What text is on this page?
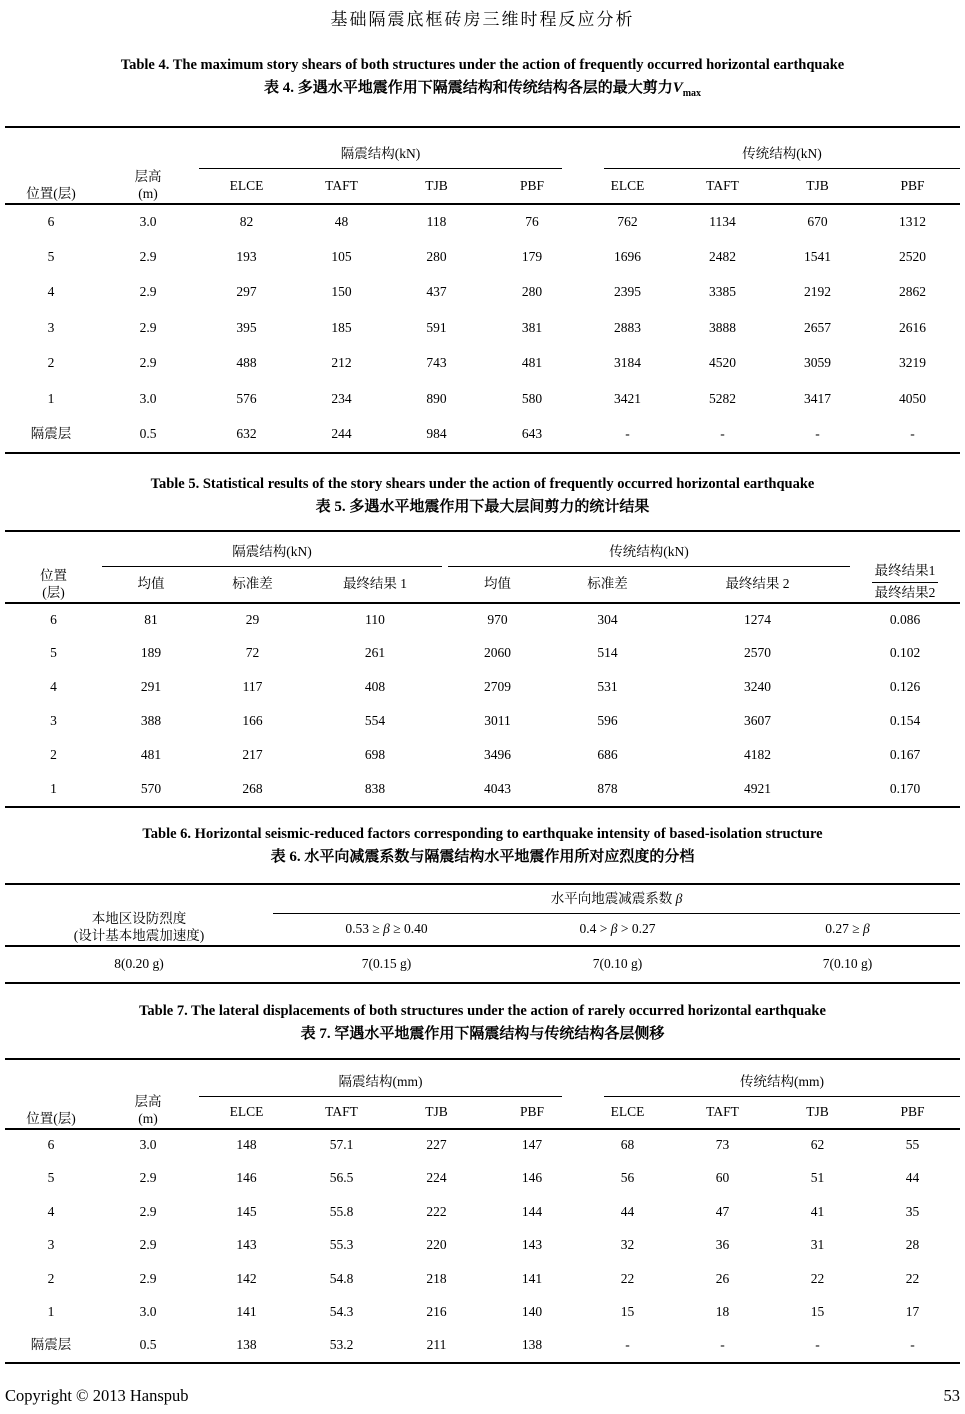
基础隔震底框砖房三维时程反应分析
Table 4. The maximum story shears of both structures under the action of frequently occurred horizontal earthquake
表 4. 多遇水平地震作用下隔震结构和传统结构各层的最大剪力$V_{max}$
位置(层)	层高
(m)	隔震结构(kN)				传统结构(kN)			

		ELCE	TAFT	TJB	PBF	ELCE	TAFT	TJB	PBF
6	3.0	82	48	118	76	762	1134	670	1312
5	2.9	193	105	280	179	1696	2482	1541	2520
4	2.9	297	150	437	280	2395	3385	2192	2862
3	2.9	395	185	591	381	2883	3888	2657	2616
2	2.9	488	212	743	481	3184	4520	3059	3219
1	3.0	576	234	890	580	3421	5282	3417	4050
隔震层	0.5	632	244	984	643	-	-	-	-
Table 5. Statistical results of the story shears under the action of frequently occurred horizontal earthquake
表 5. 多遇水平地震作用下最大层间剪力的统计结果
位置
(层)	隔震结构(kN)			传统结构(kN)			$\frac{\text{最终结果1}}{\text{最终结果2}}$

	均值	标准差	最终结果 1	均值	标准差	最终结果 2	
6	81	29	110	970	304	1274	0.086
5	189	72	261	2060	514	2570	0.102
4	291	117	408	2709	531	3240	0.126
3	388	166	554	3011	596	3607	0.154
2	481	217	698	3496	686	4182	0.167
1	570	268	838	4043	878	4921	0.170
Table 6. Horizontal seismic-reduced factors corresponding to earthquake intensity of based-isolation structure
表 6. 水平向减震系数与隔震结构水平地震作用所对应烈度的分档
本地区设防烈度
(设计基本地震加速度)	水平向地震减震系数 β		

	0.53 ≥ β ≥ 0.40	0.4 > β > 0.27	0.27 ≥ β
8(0.20 g)	7(0.15 g)	7(0.10 g)	7(0.10 g)
Table 7. The lateral displacements of both structures under the action of rarely occurred horizontal earthquake
表 7. 罕遇水平地震作用下隔震结构与传统结构各层侧移
位置(层)	层高
(m)	隔震结构(mm)				传统结构(mm)			

		ELCE	TAFT	TJB	PBF	ELCE	TAFT	TJB	PBF
6	3.0	148	57.1	227	147	68	73	62	55
5	2.9	146	56.5	224	146	56	60	51	44
4	2.9	145	55.8	222	144	44	47	41	35
3	2.9	143	55.3	220	143	32	36	31	28
2	2.9	142	54.8	218	141	22	26	22	22
1	3.0	141	54.3	216	140	15	18	15	17
隔震层	0.5	138	53.2	211	138	-	-	-	-
Copyright © 2013 Hanspub	53
